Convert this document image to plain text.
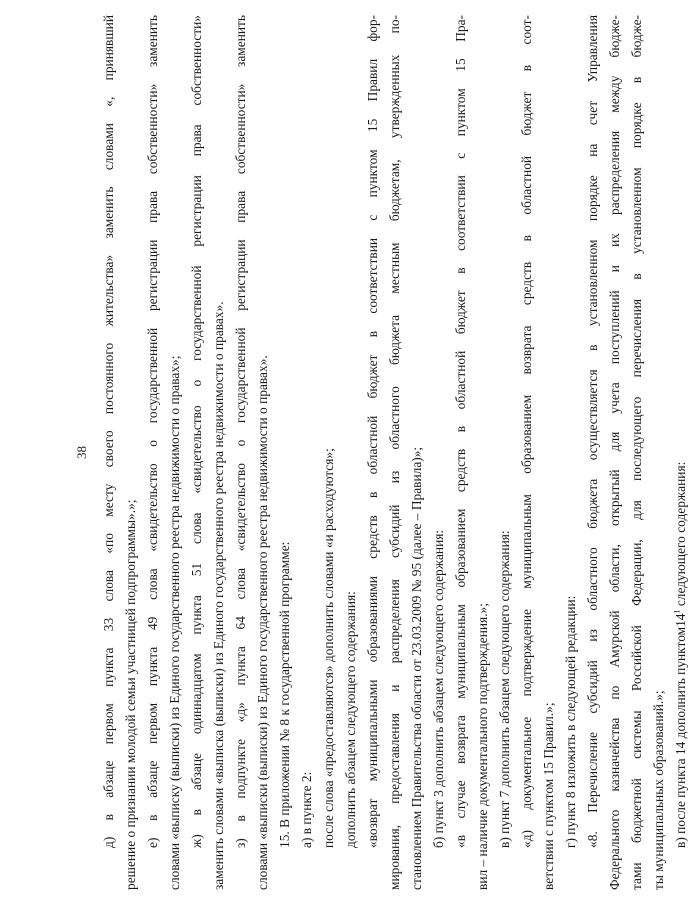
38 д) в абзаце первом пункта 33 слова «по месту своего постоянного жительства» заменить словами «, принявший решение о признании молодой семьи участницей подпрограммы».»; е) в абзаце первом пункта 49 слова «свидетельство о государственной регистрации права собственности» заменить словами «выписку (выписки) из Единого государственного реестра недвижимости о правах»; ж) в абзаце одиннадцатом пункта 51 слова «свидетельство о государственной регистрации права собственности» заменить словами «выписка (выписки) из Единого государственного реестра недвижимости о правах». з) в подпункте «д» пункта 64 слова «свидетельство о государственной регистрации права собственности» заменить словами «выписки (выписки) из Единого государственного реестра недвижимости о правах». 15. В приложении № 8 к государственной программе: а) в пункте 2: после слова «предоставляются» дополнить словами «и расходуются»; дополнить абзацем следующего содержания: «возврат муниципальными образованиями средств в областной бюджет в соответствии с пунктом 15 Правил фор- мирования, предоставления и распределения субсидий из областного бюджета местным бюджетам, утвержденных по- становлением Правительства области от 23.03.2009 № 95 (далее – Правила)»; б) пункт 3 дополнить абзацем следующего содержания: «в случае возврата муниципальным образованием средств в областной бюджет в соответствии с пунктом 15 Пра- вил – наличие документального подтверждения.»; в) пункт 7 дополнить абзацем следующего содержания: «д) документальное подтверждение муниципальным образованием возврата средств в областной бюджет в соот- ветствии с пунктом 15 Правил.»; г) пункт 8 изложить в следующей редакции: «8. Перечисление субсидий из областного бюджета осуществляется в установленном порядке на счет Управления Федерального казначейства по Амурской области, открытый для учета поступлений и их распределения между бюдже- тами бюджетной системы Российской Федерации, для последующего перечисления в установленном порядке в бюдже- ты муниципальных образований.»; в) после пункта 14 дополнить $пунктом14^1$ следующего содержания:
